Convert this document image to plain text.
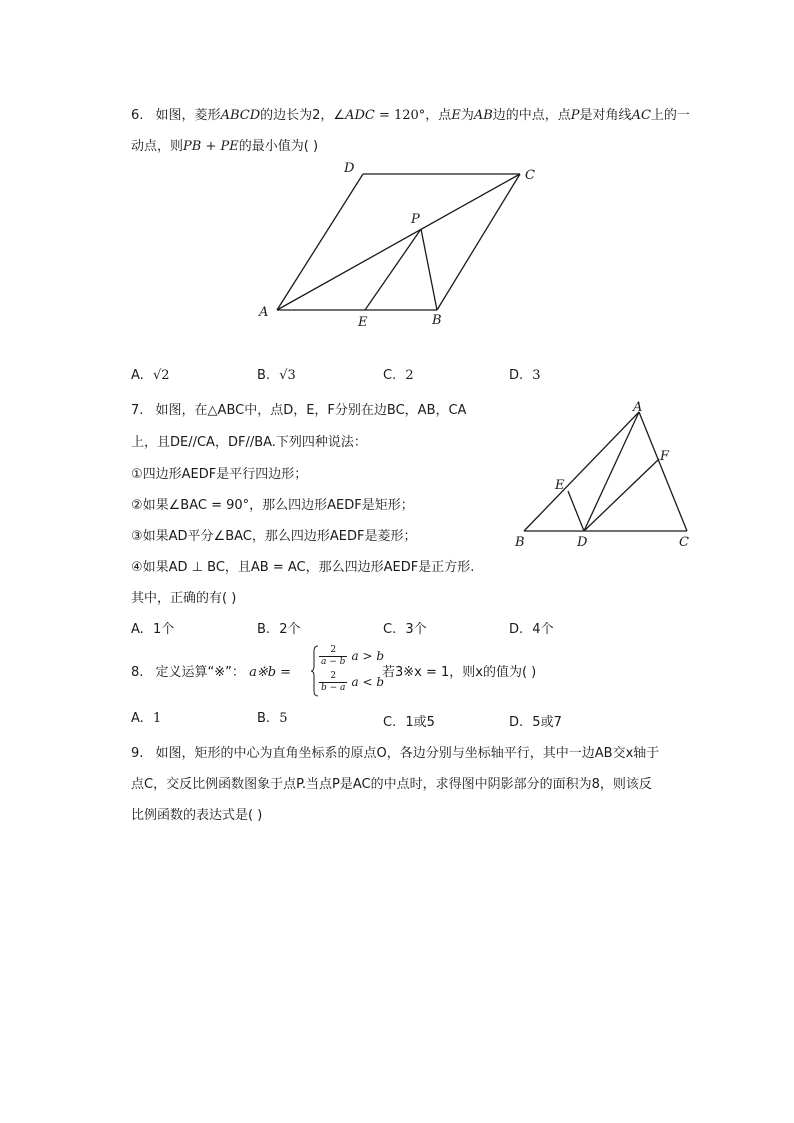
6. 如图，菱形ABCD的边长为2，∠ADC = 120°，点E为AB边的中点，点P是对角线AC上的一
动点，则PB + PE的最小值为( )
D	C
P
A
E	B
A. √2	B. √3	C. 2	D. 3
7. 如图，在△ABC中，点D，E，F分别在边BC，AB，CA
上，且DE//CA，DF//BA.下列四种说法：
①四边形AEDF是平行四边形；
②如果∠BAC = 90°，那么四边形AEDF是矩形；
③如果AD平分∠BAC，那么四边形AEDF是菱形；
④如果AD ⊥ BC，且AB = AC，那么四边形AEDF是正方形.
其中，正确的有( )
A
F
E
B	D	C
A. 1个	B. 2个	C. 3个	D. 4个
8. 定义运算“※”： a※b =
$\frac{2}{a - b}$ a > b
$\frac{2}{b - a}$ a < b
若3※x = 1，则x的值为( )
A. 1	B. 5	C. 1或5	D. 5或7
9. 如图，矩形的中心为直角坐标系的原点O，各边分别与坐标轴平行，其中一边AB交x轴于
点C，交反比例函数图象于点P.当点P是AC的中点时，求得图中阴影部分的面积为8，则该反
比例函数的表达式是( )
